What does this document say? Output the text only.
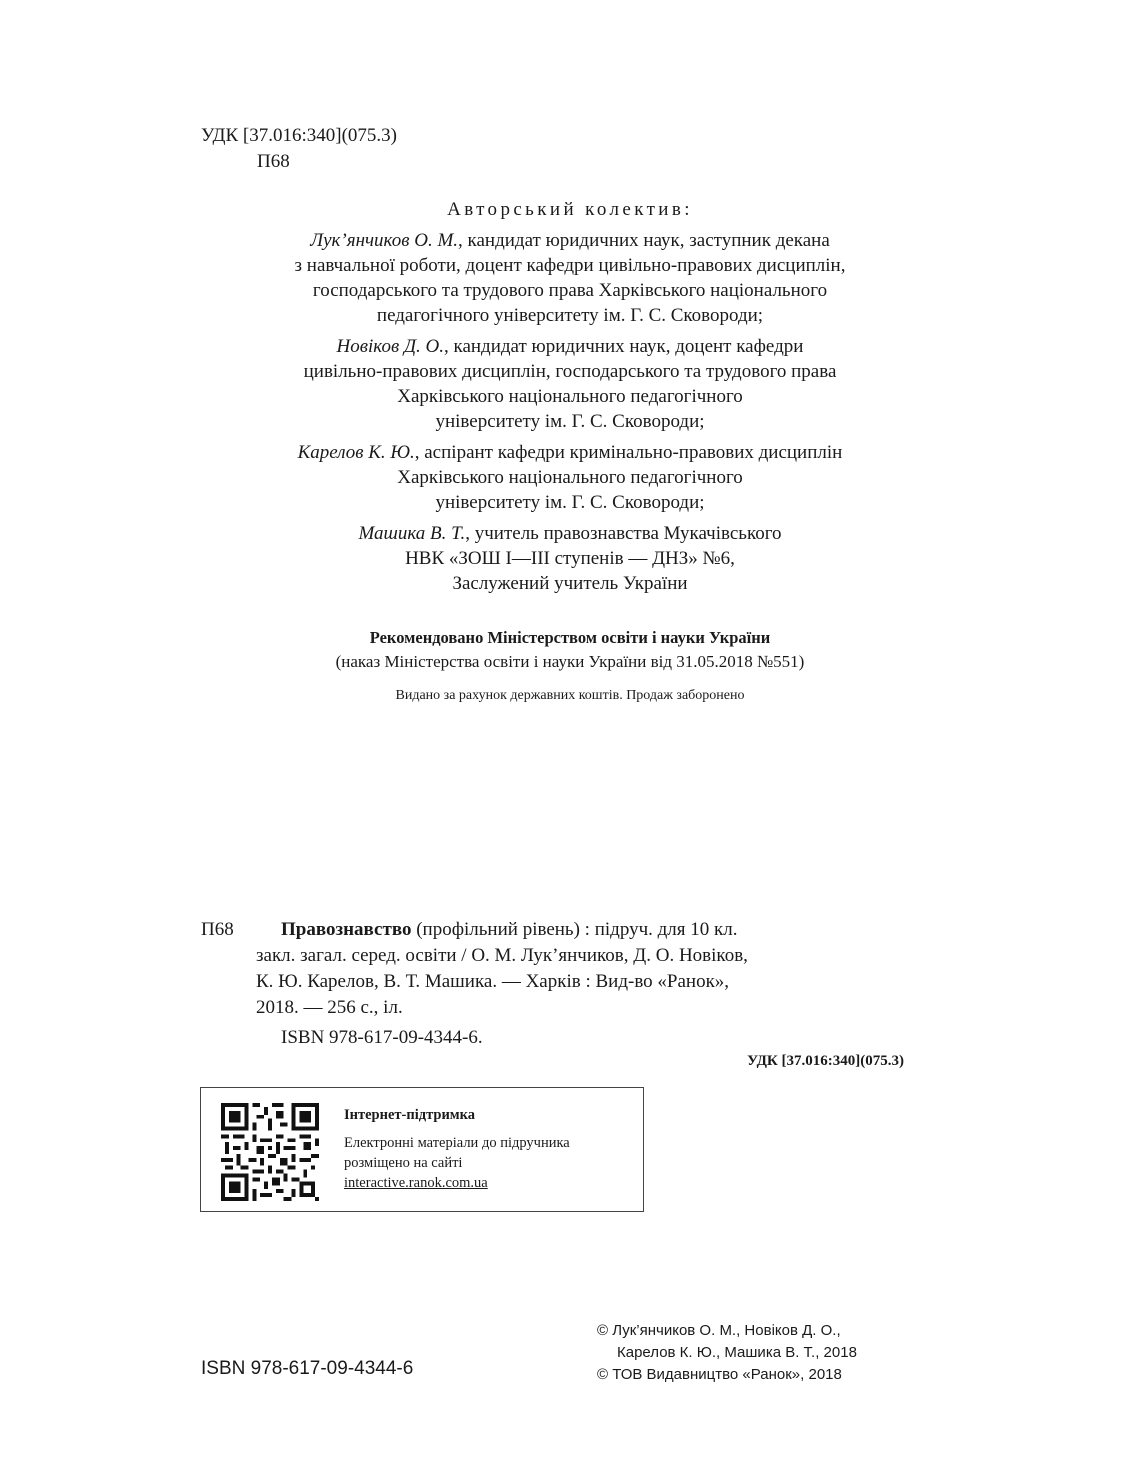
УДК [37.016:340](075.3)
П68
Авторський колектив:
Лук’янчиков О. М., кандидат юридичних наук, заступник декана
з навчальної роботи, доцент кафедри цивільно-правових дисциплін,
господарського та трудового права Харківського національного
педагогічного університету ім. Г. С. Сковороди;
Новіков Д. О., кандидат юридичних наук, доцент кафедри
цивільно-правових дисциплін, господарського та трудового права
Харківського національного педагогічного
університету ім. Г. С. Сковороди;
Карелов К. Ю., аспірант кафедри кримінально-правових дисциплін
Харківського національного педагогічного
університету ім. Г. С. Сковороди;
Машика В. Т., учитель правознавства Мукачівського
НВК «ЗОШ І—ІІІ ступенів — ДНЗ» №6,
Заслужений учитель України
Рекомендовано Міністерством освіти і науки України
(наказ Міністерства освіти і науки України від 31.05.2018 №551)
Видано за рахунок державних коштів. Продаж заборонено
П68 Правознавство (профільний рівень) : підруч. для 10 кл.
закл. загал. серед. освіти / О. М. Лук’янчиков, Д. О. Новіков,
К. Ю. Карелов, В. Т. Машика. — Харків : Вид-во «Ранок»,
2018. — 256 с., іл.
ISBN 978-617-09-4344-6.
УДК [37.016:340](075.3)
Інтернет-підтримка
Електронні матеріали до підручника
розміщено на сайті
interactive.ranok.com.ua
ISBN 978-617-09-4344-6
© Лук’янчиков О. М., Новіков Д. О.,
Карелов К. Ю., Машика В. Т., 2018
© ТОВ Видавництво «Ранок», 2018
